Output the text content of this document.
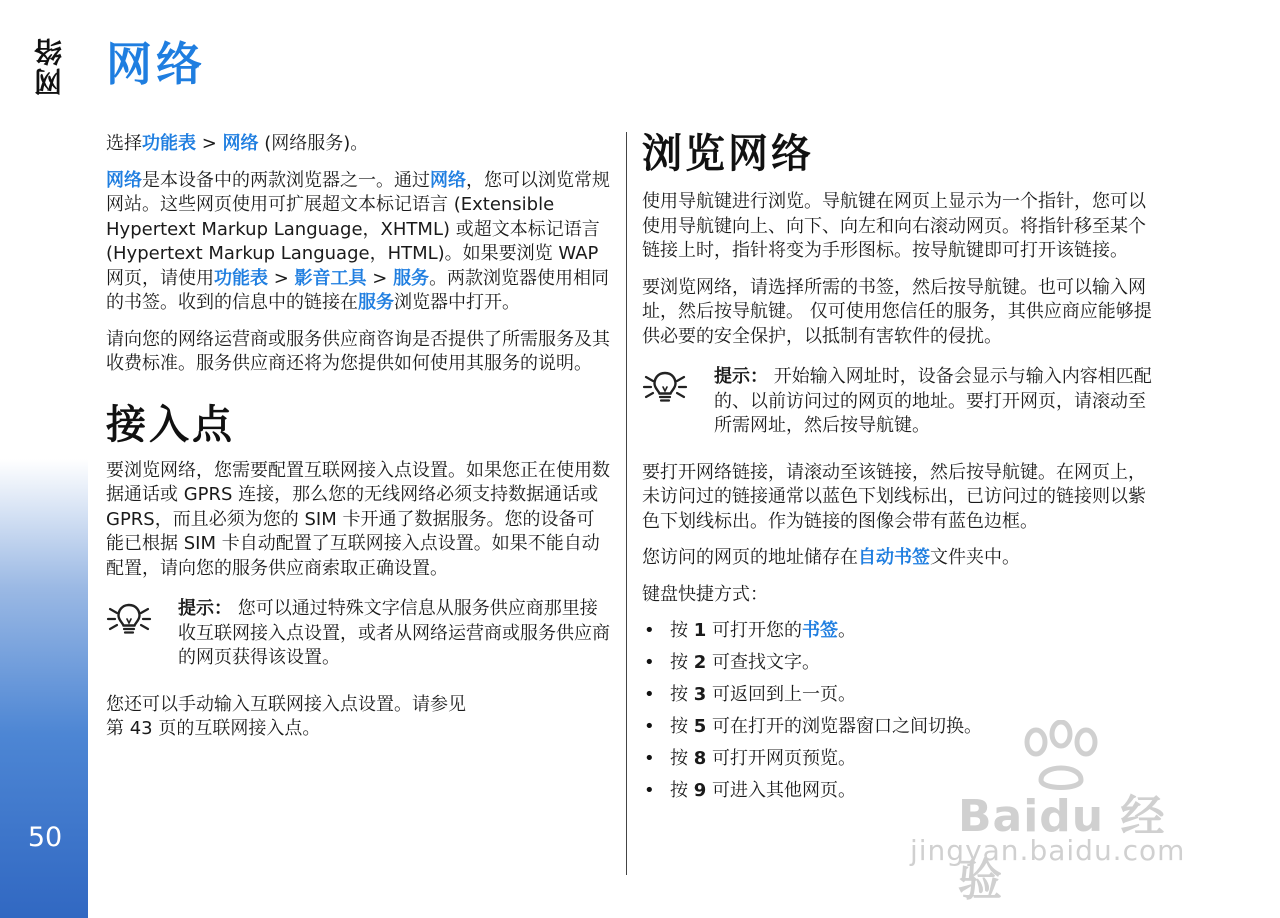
网络
50
网络

选择功能表 > 网络 (网络服务)。

网络是本设备中的两款浏览器之一。通过网络，您可以浏览常规网站。这些网页使用可扩展超文本标记语言 (Extensible Hypertext Markup Language，XHTML) 或超文本标记语言 (Hypertext Markup Language，HTML)。如果要浏览 WAP 网页，请使用功能表 > 影音工具 > 服务。两款浏览器使用相同的书签。收到的信息中的链接在服务浏览器中打开。

请向您的网络运营商或服务供应商咨询是否提供了所需服务及其收费标准。服务供应商还将为您提供如何使用其服务的说明。

接入点

要浏览网络，您需要配置互联网接入点设置。如果您正在使用数据通话或 GPRS 连接，那么您的无线网络必须支持数据通话或 GPRS，而且必须为您的 SIM 卡开通了数据服务。您的设备可能已根据 SIM 卡自动配置了互联网接入点设置。如果不能自动配置，请向您的服务供应商索取正确设置。

提示： 您可以通过特殊文字信息从服务供应商那里接收互联网接入点设置，或者从网络运营商或服务供应商的网页获得该设置。

您还可以手动输入互联网接入点设置。请参见
第 43 页的互联网接入点。

浏览网络

使用导航键进行浏览。导航键在网页上显示为一个指针，您可以使用导航键向上、向下、向左和向右滚动网页。将指针移至某个链接上时，指针将变为手形图标。按导航键即可打开该链接。

要浏览网络，请选择所需的书签，然后按导航键。也可以输入网址，然后按导航键。 仅可使用您信任的服务，其供应商应能够提供必要的安全保护，以抵制有害软件的侵扰。

提示： 开始输入网址时，设备会显示与输入内容相匹配的、以前访问过的网页的地址。要打开网页，请滚动至所需网址，然后按导航键。

要打开网络链接，请滚动至该链接，然后按导航键。在网页上，未访问过的链接通常以蓝色下划线标出，已访问过的链接则以紫色下划线标出。作为链接的图像会带有蓝色边框。

您访问的网页的地址储存在自动书签文件夹中。

键盘快捷方式：

• 按 1 可打开您的书签。
• 按 2 可查找文字。
• 按 3 可返回到上一页。
• 按 5 可在打开的浏览器窗口之间切换。
• 按 8 可打开网页预览。
• 按 9 可进入其他网页。
Baidu 经验
jingyan.baidu.com
